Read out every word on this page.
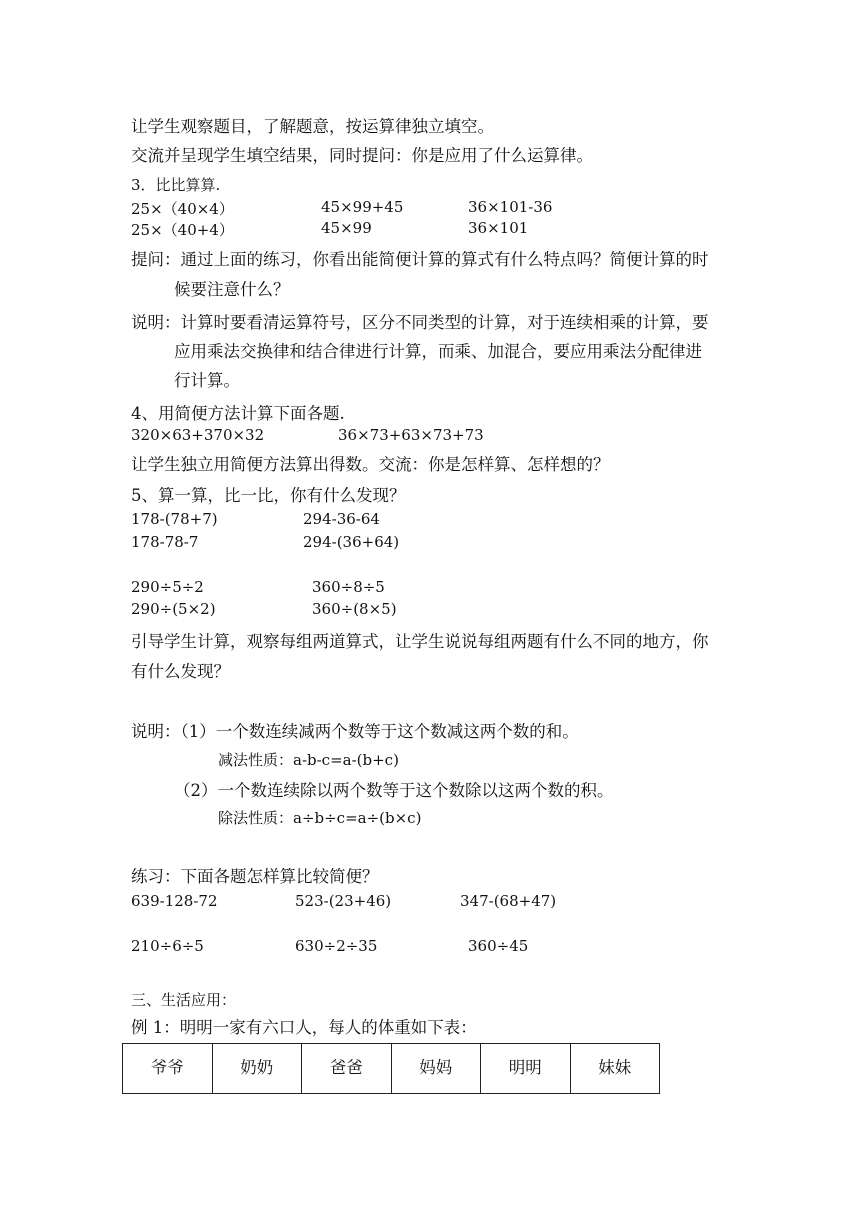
让学生观察题目，了解题意，按运算律独立填空。
交流并呈现学生填空结果，同时提问：你是应用了什么运算律。
3．比比算算.
25×（40×4）	45×99+45	36×101-36
25×（40+4）	45×99	36×101
提问：通过上面的练习，你看出能简便计算的算式有什么特点吗？简便计算的时
候要注意什么？
说明：计算时要看清运算符号，区分不同类型的计算，对于连续相乘的计算，要
应用乘法交换律和结合律进行计算，而乘、加混合，要应用乘法分配律进
行计算。
4、用简便方法计算下面各题.
320×63+370×32	36×73+63×73+73
让学生独立用简便方法算出得数。交流：你是怎样算、怎样想的？
5、算一算，比一比，你有什么发现？
178-(78+7)	294-36-64
178-78-7	294-(36+64)
290÷5÷2	360÷8÷5
290÷(5×2)	360÷(8×5)
引导学生计算，观察每组两道算式，让学生说说每组两题有什么不同的地方，你
有什么发现？
说明：（1）一个数连续减两个数等于这个数减这两个数的和。
减法性质：a-b-c=a-(b+c)
（2）一个数连续除以两个数等于这个数除以这两个数的积。
除法性质：a÷b÷c=a÷(b×c)
练习：下面各题怎样算比较简便？
639-128-72	523-(23+46)	347-(68+47)
210÷6÷5	630÷2÷35	360÷45
三、生活应用：
例 1：明明一家有六口人，每人的体重如下表：
爷爷	奶奶	爸爸	妈妈	明明	妹妹
